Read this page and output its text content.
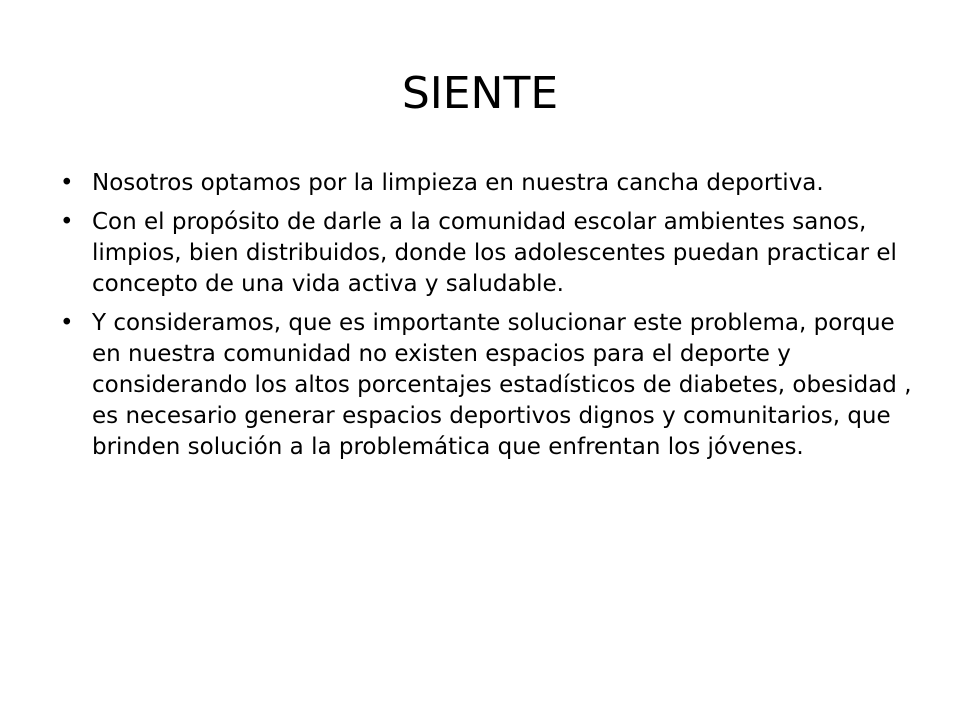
SIENTE
• Nosotros optamos por la limpieza en nuestra cancha deportiva.
• Con el propósito de darle a la comunidad escolar ambientes sanos, limpios, bien distribuidos, donde los adolescentes puedan practicar el concepto de una vida activa y saludable.
• Y consideramos, que es importante solucionar este problema, porque en nuestra comunidad no existen espacios para el deporte y considerando los altos porcentajes estadísticos de diabetes, obesidad , es necesario generar espacios deportivos dignos y comunitarios, que brinden solución a la problemática que enfrentan los jóvenes.
